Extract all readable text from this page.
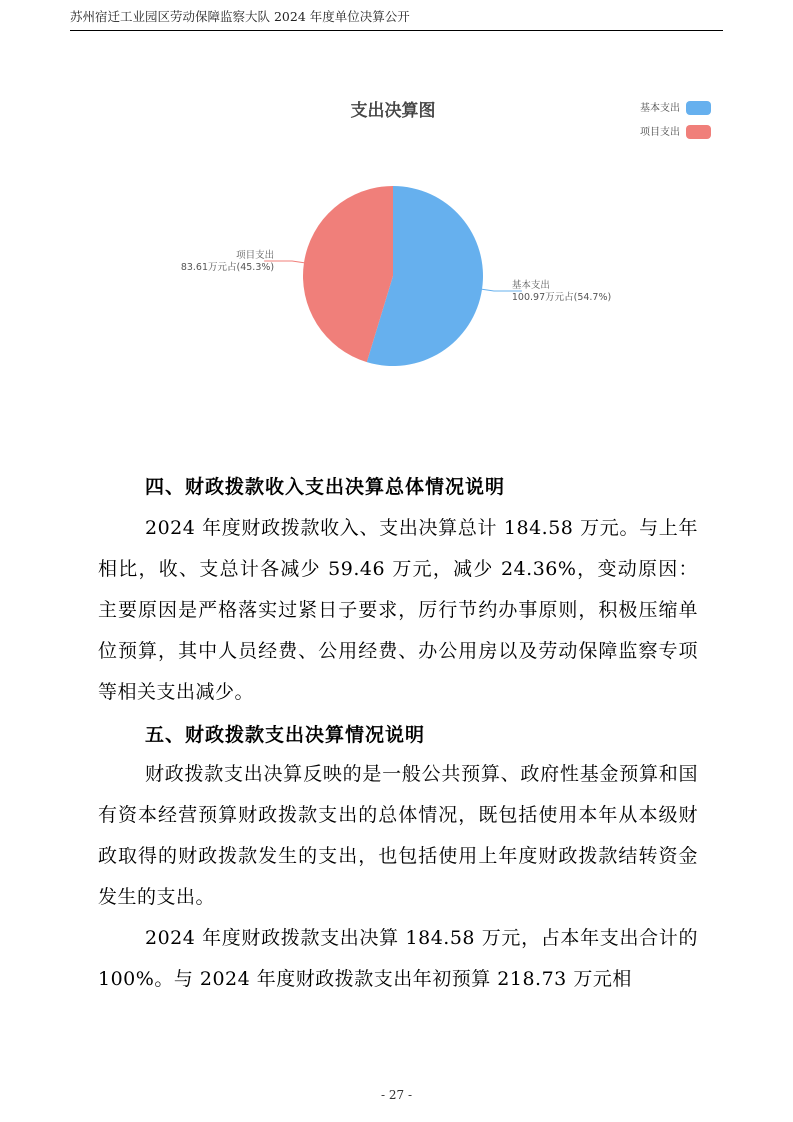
苏州宿迁工业园区劳动保障监察大队 2024 年度单位决算公开
支出决算图	基本支出
项目支出
基本支出
100.97万元占(54.7%)
项目支出
83.61万元占(45.3%)
四、财政拨款收入支出决算总体情况说明
2024 年度财政拨款收入、支出决算总计 184.58 万元。与上年相比，收、支总计各减少 59.46 万元，减少 24.36%，变动原因：主要原因是严格落实过紧日子要求，厉行节约办事原则，积极压缩单位预算，其中人员经费、公用经费、办公用房以及劳动保障监察专项等相关支出减少。
五、财政拨款支出决算情况说明
财政拨款支出决算反映的是一般公共预算、政府性基金预算和国有资本经营预算财政拨款支出的总体情况，既包括使用本年从本级财政取得的财政拨款发生的支出，也包括使用上年度财政拨款结转资金发生的支出。
2024 年度财政拨款支出决算 184.58 万元，占本年支出合计的 100%。与 2024 年度财政拨款支出年初预算 218.73 万元相
- 27 -
